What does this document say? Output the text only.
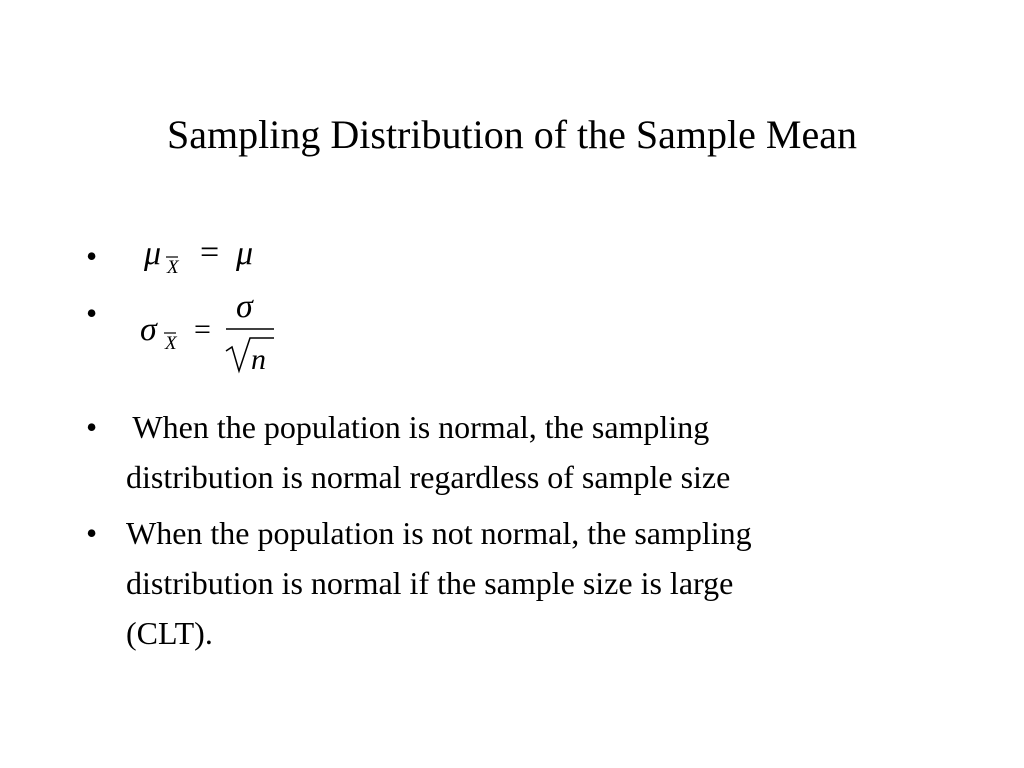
Sampling Distribution of the Sample Mean
• μ X = μ
• σ X =
σ
n
• When the population is normal, the sampling
distribution is normal regardless of sample size
• When the population is not normal, the sampling
distribution is normal if the sample size is large
(CLT).
